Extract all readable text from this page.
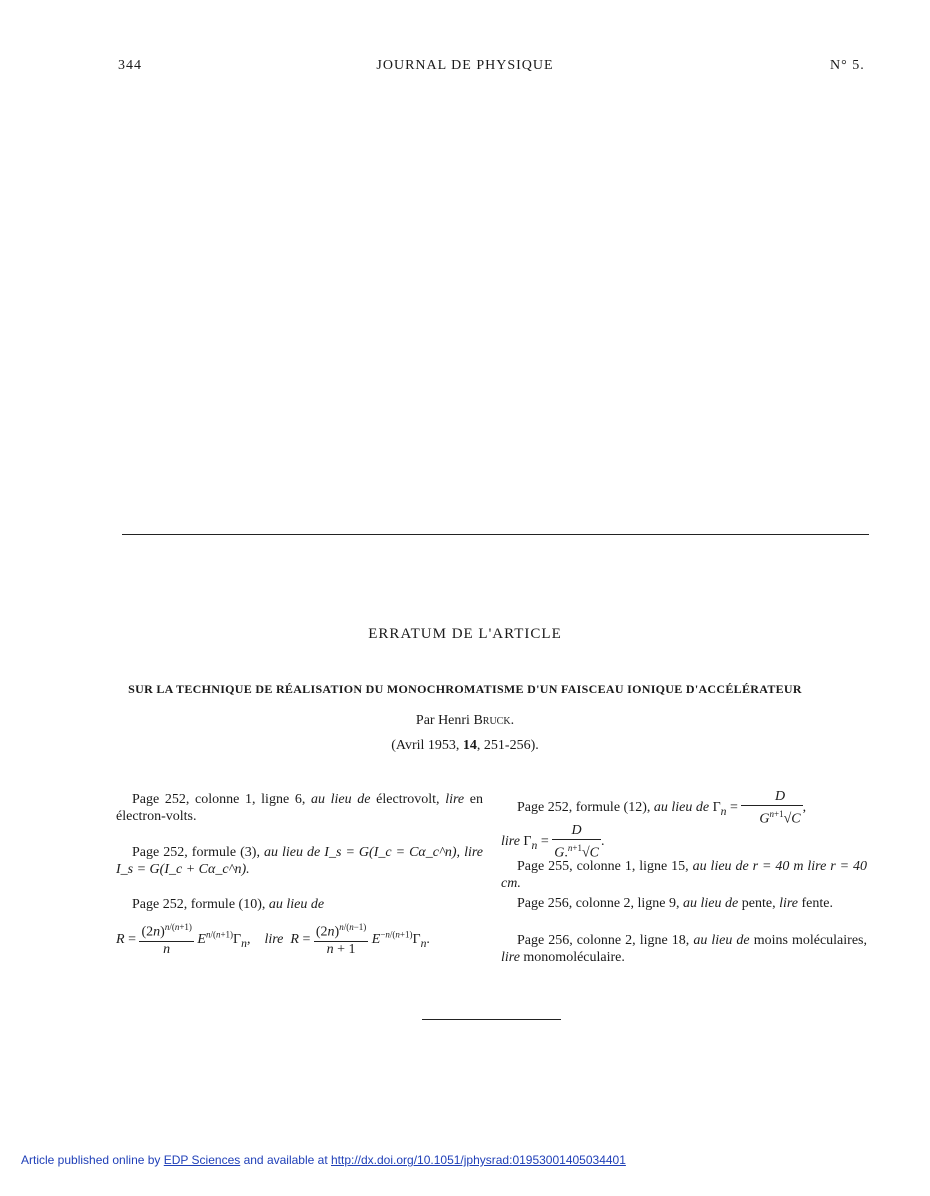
344	JOURNAL DE PHYSIQUE	N° 5.
ERRATUM DE L'ARTICLE
SUR LA TECHNIQUE DE RÉALISATION DU MONOCHROMATISME D'UN FAISCEAU IONIQUE D'ACCÉLÉRATEUR
Par Henri Bruck.
(Avril 1953, 14, 251-256).
Page 252, colonne 1, ligne 6, au lieu de électrovolt, lire en électron-volts.
Page 252, formule (3), au lieu de I_s = G(I_c = Cα_c^n), lire I_s = G(I_c + Cα_c^n).
Page 252, formule (10), au lieu de
$R = \frac{(2n)^{n/(n+1)}}{n} E^{n/(n+1)}\Gamma_n$,    lire $R = \frac{(2n)^{n/(n-1)}}{n + 1} E^{-n/(n+1)}\Gamma_n$.
Page 252, formule (12), au lieu de $\Gamma_n = \frac{D}{G^{n+1}√C}$ ,
lire $\Gamma_n = \frac{D}{G.^{n+1}√C}$ .
Page 255, colonne 1, ligne 15, au lieu de r = 40 m lire r = 40 cm.
Page 256, colonne 2, ligne 9, au lieu de pente, lire fente.
Page 256, colonne 2, ligne 18, au lieu de moins moléculaires, lire monomoléculaire.
Article published online by EDP Sciences and available at http://dx.doi.org/10.1051/jphysrad:01953001405034401
